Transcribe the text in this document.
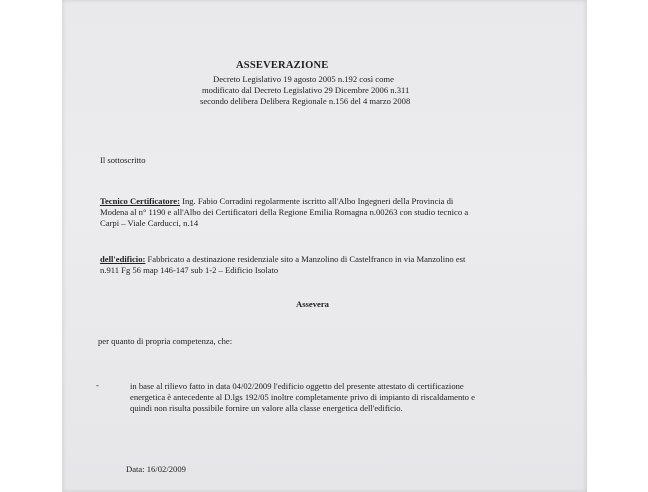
ASSEVERAZIONE
Decreto Legislativo 19 agosto 2005 n.192 così come
modificato dal Decreto Legislativo 29 Dicembre 2006 n.311
secondo delibera Delibera Regionale n.156 del 4 marzo 2008
Il sottoscritto
Tecnico Certificatore: Ing. Fabio Corradini regolarmente iscritto all'Albo Ingegneri della Provincia di
Modena al n° 1190 e all'Albo dei Certificatori della Regione Emilia Romagna n.00263 con studio tecnico a
Carpi – Viale Carducci, n.14
dell'edificio: Fabbricato a destinazione residenziale sito a Manzolino di Castelfranco in via Manzolino est
n.911 Fg 56 map 146-147 sub 1-2 – Edificio Isolato
Assevera
per quanto di propria competenza, che:
-	in base al rilievo fatto in data 04/02/2009 l'edificio oggetto del presente attestato di certificazione
energetica è antecedente al D.lgs 192/05 inoltre completamente privo di impianto di riscaldamento e
quindi non risulta possibile fornire un valore alla classe energetica dell'edificio.
Data: 16/02/2009
